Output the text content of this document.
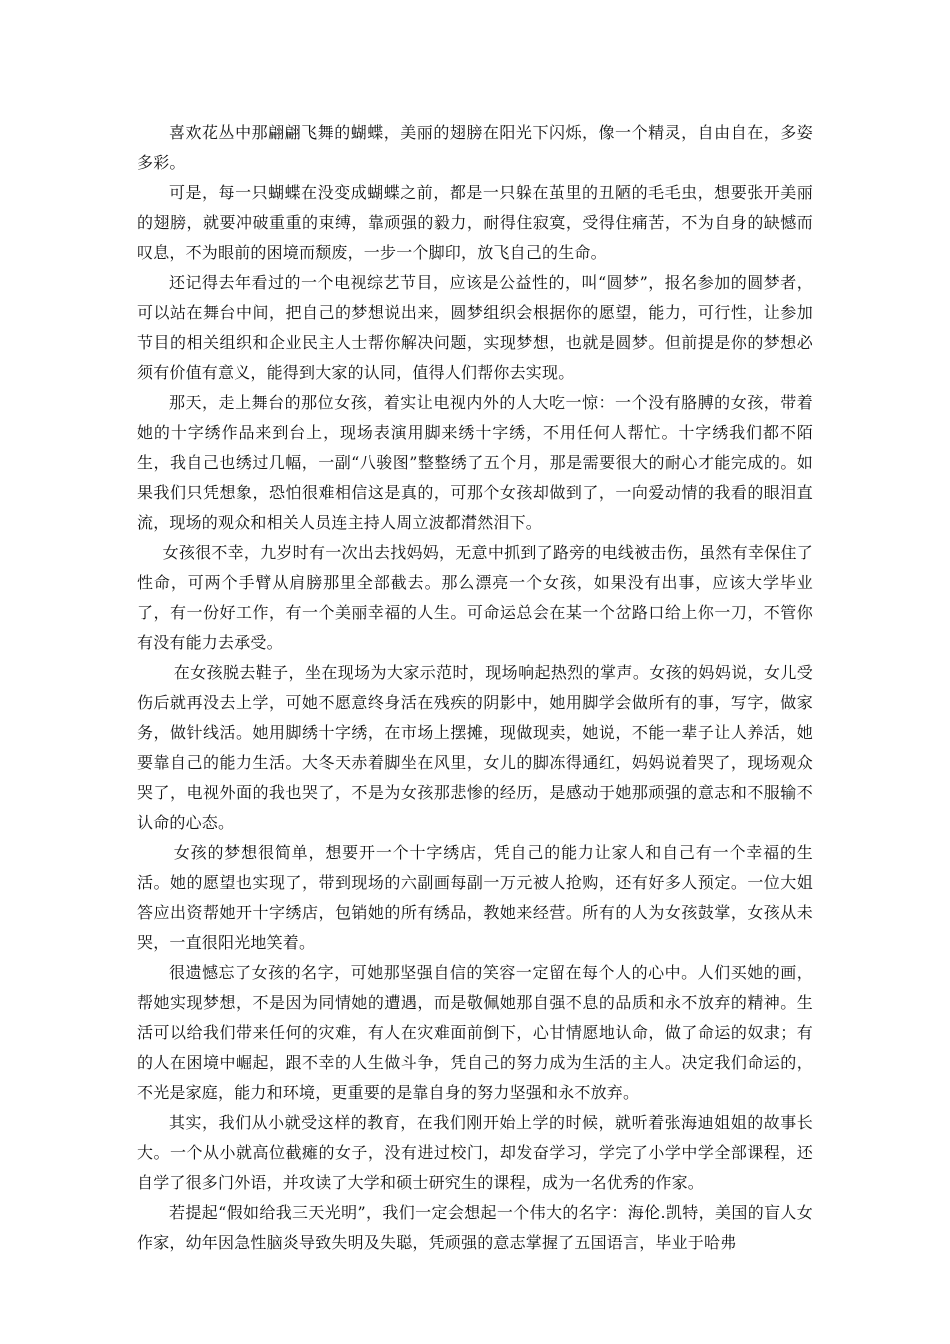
喜欢花丛中那翩翩飞舞的蝴蝶，美丽的翅膀在阳光下闪烁，像一个精灵，自由自在，多姿多彩。

可是，每一只蝴蝶在没变成蝴蝶之前，都是一只躲在茧里的丑陋的毛毛虫，想要张开美丽的翅膀，就要冲破重重的束缚，靠顽强的毅力，耐得住寂寞，受得住痛苦，不为自身的缺憾而叹息，不为眼前的困境而颓废，一步一个脚印，放飞自己的生命。

还记得去年看过的一个电视综艺节目，应该是公益性的，叫“圆梦”，报名参加的圆梦者，可以站在舞台中间，把自己的梦想说出来，圆梦组织会根据你的愿望，能力，可行性，让参加节目的相关组织和企业民主人士帮你解决问题，实现梦想，也就是圆梦。但前提是你的梦想必须有价值有意义，能得到大家的认同，值得人们帮你去实现。

那天，走上舞台的那位女孩，着实让电视内外的人大吃一惊：一个没有胳膊的女孩，带着她的十字绣作品来到台上，现场表演用脚来绣十字绣，不用任何人帮忙。十字绣我们都不陌生，我自己也绣过几幅，一副“八骏图”整整绣了五个月，那是需要很大的耐心才能完成的。如果我们只凭想象，恐怕很难相信这是真的，可那个女孩却做到了，一向爱动情的我看的眼泪直流，现场的观众和相关人员连主持人周立波都潸然泪下。

女孩很不幸，九岁时有一次出去找妈妈，无意中抓到了路旁的电线被击伤，虽然有幸保住了性命，可两个手臂从肩膀那里全部截去。那么漂亮一个女孩，如果没有出事，应该大学毕业了，有一份好工作，有一个美丽幸福的人生。可命运总会在某一个岔路口给上你一刀，不管你有没有能力去承受。

在女孩脱去鞋子，坐在现场为大家示范时，现场响起热烈的掌声。女孩的妈妈说，女儿受伤后就再没去上学，可她不愿意终身活在残疾的阴影中，她用脚学会做所有的事，写字，做家务，做针线活。她用脚绣十字绣，在市场上摆摊，现做现卖，她说，不能一辈子让人养活，她要靠自己的能力生活。大冬天赤着脚坐在风里，女儿的脚冻得通红，妈妈说着哭了，现场观众哭了，电视外面的我也哭了，不是为女孩那悲惨的经历，是感动于她那顽强的意志和不服输不认命的心态。

女孩的梦想很简单，想要开一个十字绣店，凭自己的能力让家人和自己有一个幸福的生活。她的愿望也实现了，带到现场的六副画每副一万元被人抢购，还有好多人预定。一位大姐答应出资帮她开十字绣店，包销她的所有绣品，教她来经营。所有的人为女孩鼓掌，女孩从未哭，一直很阳光地笑着。

很遗憾忘了女孩的名字，可她那坚强自信的笑容一定留在每个人的心中。人们买她的画，帮她实现梦想，不是因为同情她的遭遇，而是敬佩她那自强不息的品质和永不放弃的精神。生活可以给我们带来任何的灾难，有人在灾难面前倒下，心甘情愿地认命，做了命运的奴隶；有的人在困境中崛起，跟不幸的人生做斗争，凭自己的努力成为生活的主人。决定我们命运的，不光是家庭，能力和环境，更重要的是靠自身的努力坚强和永不放弃。

其实，我们从小就受这样的教育，在我们刚开始上学的时候，就听着张海迪姐姐的故事长大。一个从小就高位截瘫的女子，没有进过校门，却发奋学习，学完了小学中学全部课程，还自学了很多门外语，并攻读了大学和硕士研究生的课程，成为一名优秀的作家。

若提起“假如给我三天光明”，我们一定会想起一个伟大的名字：海伦.凯特，美国的盲人女作家，幼年因急性脑炎导致失明及失聪，凭顽强的意志掌握了五国语言，毕业于哈弗
